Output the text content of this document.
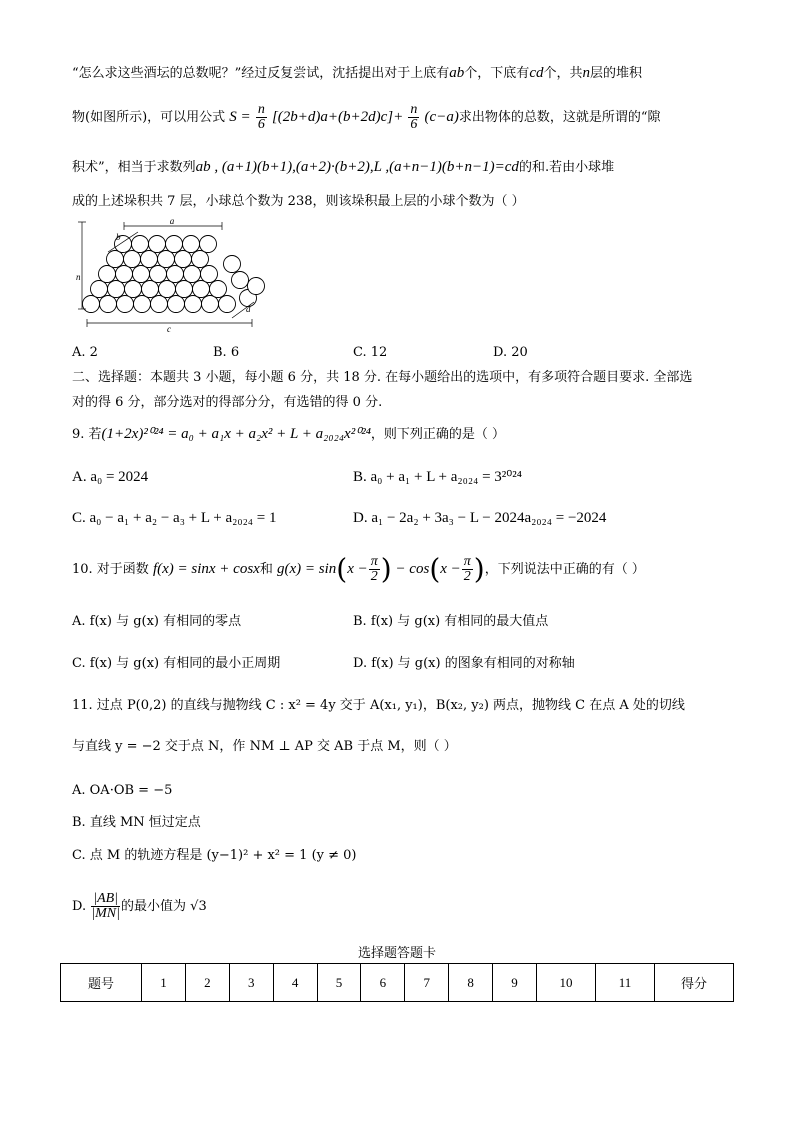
“怎么求这些酒坛的总数呢？”经过反复尝试，沈括提出对于上底有ab个，下底有cd个，共n层的堆积
物(如图所示)，可以用公式 $S = \frac{n}{6} [(2b+d)a+(b+2d)c]+ \frac{n}{6} (c-a)$求出物体的总数，这就是所谓的“隙
积术”，相当于求数列ab , (a+1)(b+1),(a+2)·(b+2),L ,(a+n−1)(b+n−1)=cd的和.若由小球堆
成的上述垛积共 7 层，小球总个数为 238，则该垛积最上层的小球个数为（ ）
a
n
c
b
d
A. 2	B. 6	C. 12	D. 20
二、选择题：本题共 3 小题，每小题 6 分，共 18 分. 在每小题给出的选项中，有多项符合题目要求. 全部选
对的得 6 分，部分选对的得部分分，有选错的得 0 分.
9. 若(1+2x)²⁰²⁴ = a₀ + a₁x + a₂x² + L + a₂₀₂₄x²⁰²⁴，则下列正确的是（ ）
A. a₀ = 2024	B. a₀ + a₁ + L + a₂₀₂₄ = 3²⁰²⁴
C. a₀ − a₁ + a₂ − a₃ + L + a₂₀₂₄ = 1	D. a₁ − 2a₂ + 3a₃ − L − 2024a₂₀₂₄ = −2024
10. 对于函数 f(x) = sinx + cosx和 $g(x) = \sin(x - \frac{\pi}{2}$ ) − $\cos(x - \frac{\pi}{2}$ )，下列说法中正确的有（ ）
A. f(x) 与 g(x) 有相同的零点	B. f(x) 与 g(x) 有相同的最大值点
C. f(x) 与 g(x) 有相同的最小正周期	D. f(x) 与 g(x) 的图象有相同的对称轴
11. 过点 P(0,2) 的直线与抛物线 C : x² = 4y 交于 A(x₁, y₁)，B(x₂, y₂) 两点，抛物线 C 在点 A 处的切线
与直线 y = −2 交于点 N，作 NM ⊥ AP 交 AB 于点 M，则（ ）
A. OA·OB = −5
B. 直线 MN 恒过定点
C. 点 M 的轨迹方程是 (y−1)² + x² = 1 (y ≠ 0)
D. $\frac{|AB|}{|MN|}$ 的最小值为 √3
选择题答题卡
题号	1	2	3	4	5	6	7	8	9	10	11	得分
